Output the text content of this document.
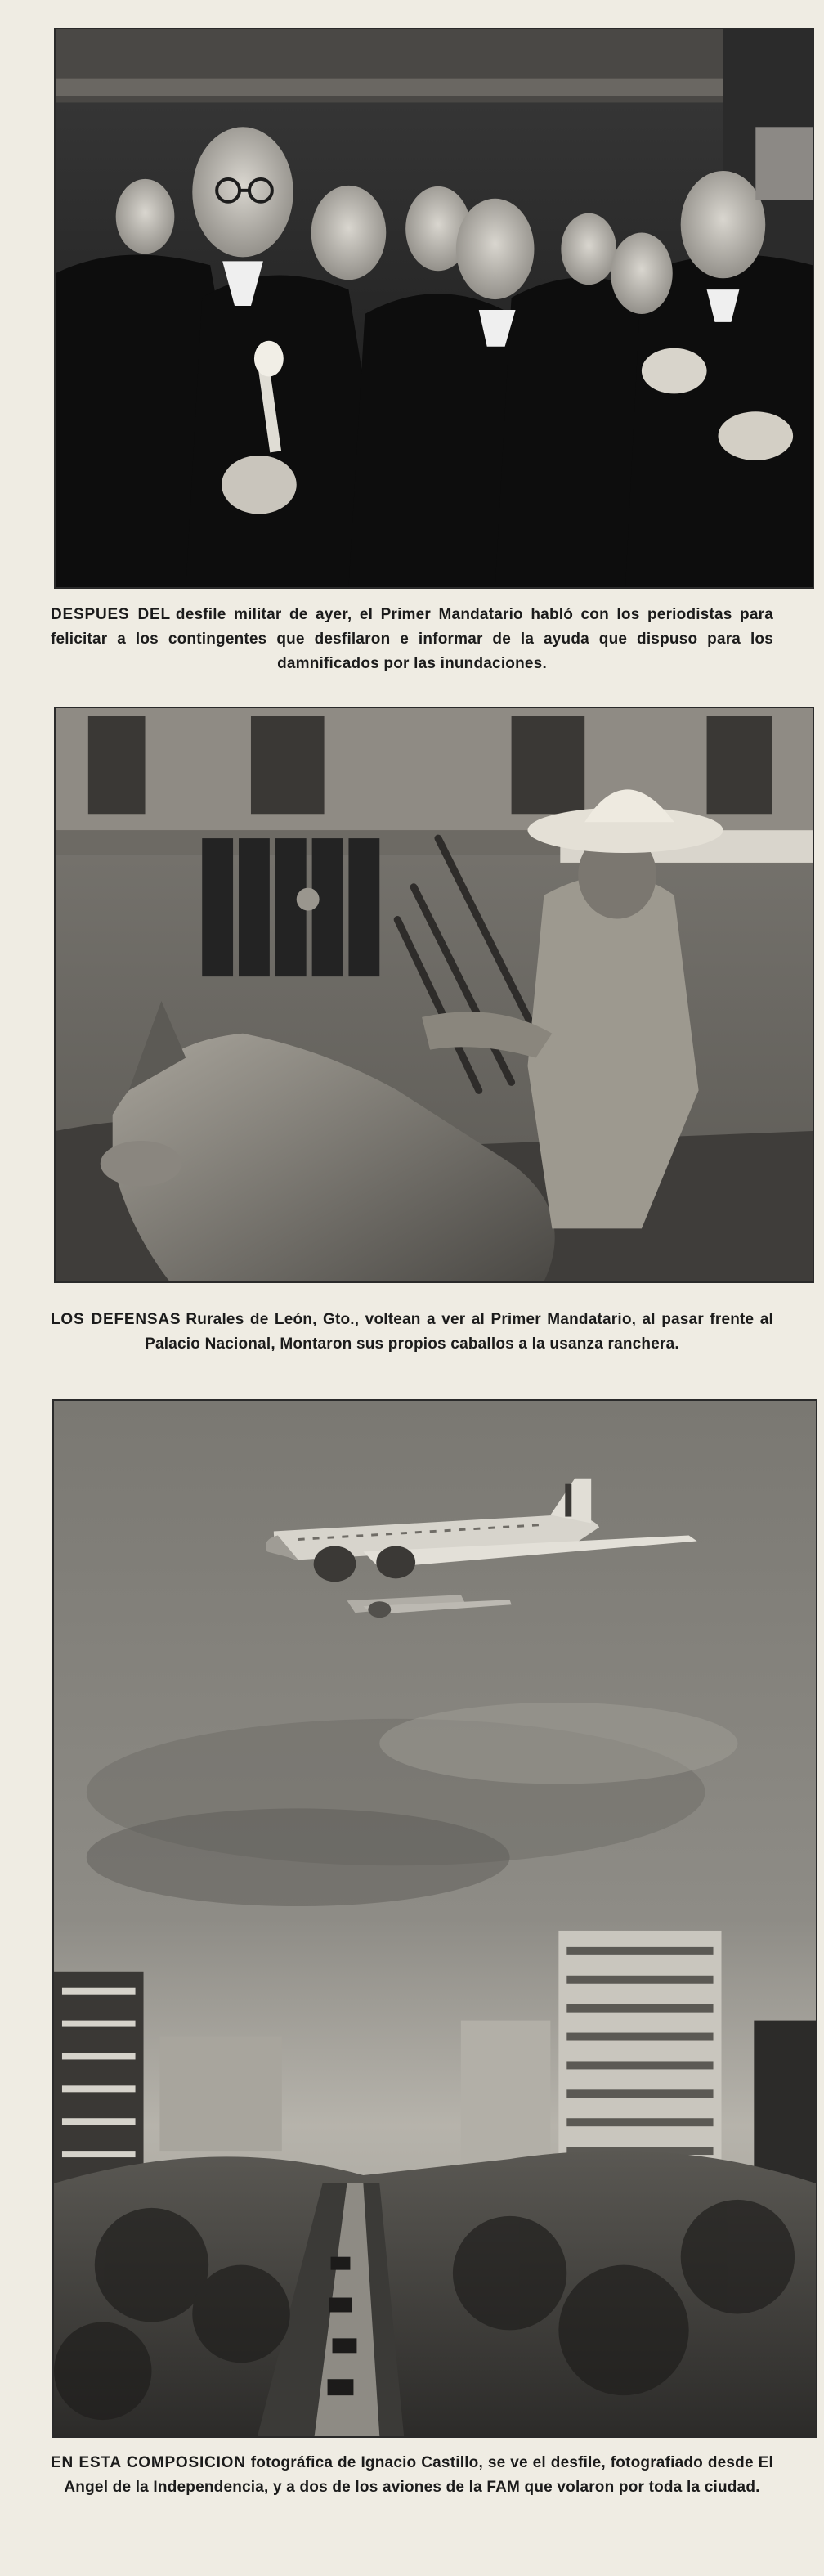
DESPUES DEL desfile militar de ayer, el Primer Mandatario habló con los periodistas para felicitar a los contingentes que desfilaron e informar de la ayuda que dispuso para los damnificados por las inundaciones.
LOS DEFENSAS Rurales de León, Gto., voltean a ver al Primer Mandatario, al pasar frente al Palacio Nacional, Montaron sus propios caballos a la usanza ranchera.
EN ESTA COMPOSICION fotográfica de Ignacio Castillo, se ve el desfile, fotografiado desde El Angel de la Independencia, y a dos de los aviones de la FAM que volaron por toda la ciudad.
